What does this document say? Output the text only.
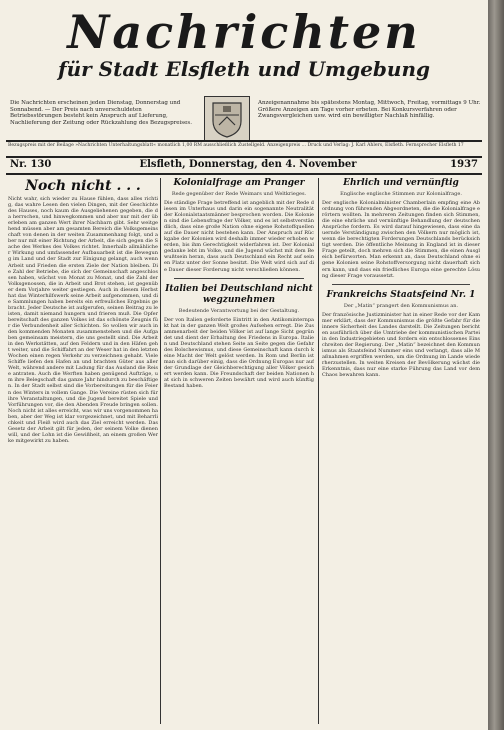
Nachrichten
für Stadt Elsfleth und Umgebung
Die Nachrichten erscheinen jeden Dienstag, Donnerstag und Sonnabend. — Der Preis nach unverschuldeten Betriebsstörungen besteht kein Anspruch auf Lieferung, Nachlieferung der Zeitung oder Rückzahlung des Bezugspreises.
Anzeigenannahme bis spätestens Montag, Mittwoch, Freitag, vormittags 9 Uhr. Größere Anzeigen am Tage vorher erbeten. Bei Konkursverfahren oder Zwangsvergleichen usw. wird ein bewilligter Nachlaß hinfällig.
Bezugspreis mit der Beilage »Nachrichten Unterhaltungsblatt« monatlich 1,00 RM ausschließlich Zustellgeld. Anzeigenpreis ... Druck und Verlag: J. Karl Ahlers, Elsfleth. Fernsprecher Elsfleth 17
Nr. 130	Elsfleth, Donnerstag, den 4. November	1937
Noch nicht . . .
Nicht wahr, sich wieder zu Hause fühlen, dass alles richtig, das wahre Lesen den vielen Dingen, mit der Geschichte des Hauses, noch kaum die Ausgeliehenen gegeben, die da herrschen, und hinwegkommen und aber nur mit der überleben am ganzen Wert ihrer Nachbarn gibt. Sehr weitgehend müssen aber am gesamten Bereich die Volksgemeinschaft von denen in der weiten Zusammenhang folgt, und aber nur mit einer Richtung der Arbeit, die sich gegen die Sache des Werkes des Volkes richtet. Innerhalb allmählicher Wirkung und umfassender Aufbauarbeit ist die Bewegung im Land und der Stadt zur Einigung gelangt, auch wenn Arbeit und Frieden die ersten Ziele der Nation bleiben. Die Zahl der Betriebe, die sich der Gemeinschaft angeschlossen haben, wächst von Monat zu Monat, und die Zahl der Volksgenossen, die in Arbeit und Brot stehen, ist gegenüber dem Vorjahre weiter gestiegen. Auch in diesem Herbst hat das Winterhilfswerk seine Arbeit aufgenommen, und die Sammlungen haben bereits ein erfreuliches Ergebnis gebracht. Jeder Deutsche ist aufgerufen, seinen Beitrag zu leisten, damit niemand hungern und frieren muß. Die Opferbereitschaft des ganzen Volkes ist das schönste Zeugnis für die Verbundenheit aller Schichten. So wollen wir auch in den kommenden Monaten zusammenstehen und die Aufgaben gemeinsam meistern, die uns gestellt sind. Die Arbeit in den Werkstätten, auf den Feldern und in den Häfen geht weiter, und die Schiffahrt an der Weser hat in den letzten Wochen einen regen Verkehr zu verzeichnen gehabt. Viele Schiffe liefen den Hafen an und brachten Güter aus aller Welt, während andere mit Ladung für das Ausland die Reise antraten. Auch die Werften haben genügend Aufträge, um ihre Belegschaft das ganze Jahr hindurch zu beschäftigen. In der Stadt selbst sind die Vorbereitungen für die Feiern des Winters in vollem Gange. Die Vereine rüsten sich für ihre Veranstaltungen, und die Jugend bereitet Spiele und Vorführungen vor, die den Abenden Freude bringen sollen. Noch nicht ist alles erreicht, was wir uns vorgenommen haben, aber der Weg ist klar vorgezeichnet, und mit Beharrlichkeit und Fleiß wird auch das Ziel erreicht werden. Das Gesetz der Arbeit gilt für jeden, der seinem Volke dienen will, und der Lohn ist die Gewißheit, an einem großen Werke mitgewirkt zu haben.
Kolonialfrage am Pranger
Rede gegenüber der Rede Weimars und Weltkrieges.
Die ständige Frage betreffend ist angeblich mit der Rede diesen im Unterhaus und darin ein sogenannte Neutralität der Kolonialstaatsmänner besprochen worden. Die Kolonien sind die Lebensfrage der Völker, und es ist selbstverständlich, dass eine große Nation ohne eigene Rohstoffquellen auf die Dauer nicht bestehen kann. Der Anspruch auf Rückgabe der Kolonien wird deshalb immer wieder erhoben werden, bis ihm Gerechtigkeit widerfahren ist. Der Kolonialgedanke lebt im Volke, und die Jugend wächst mit dem Bewußtsein heran, dass auch Deutschland ein Recht auf seinen Platz unter der Sonne besitzt. Die Welt wird sich auf die Dauer dieser Forderung nicht verschließen können.
Italien bei Deutschland nicht wegzunehmen
Bedeutende Verantwortung bei der Gestaltung.
Der von Italien geforderte Eintritt in den Antikominternpakt hat in der ganzen Welt großes Aufsehen erregt. Die Zusammenarbeit der beiden Völker ist auf lange Sicht gegründet und dient der Erhaltung des Friedens in Europa. Italien und Deutschland stehen Seite an Seite gegen die Gefahr des Bolschewismus, und diese Gemeinschaft kann durch keine Macht der Welt gelöst werden. In Rom und Berlin ist man sich darüber einig, dass die Ordnung Europas nur auf der Grundlage der Gleichberechtigung aller Völker gesichert werden kann. Die Freundschaft der beiden Nationen hat sich in schweren Zeiten bewährt und wird auch künftig Bestand haben.
Ehrlich und vernünftig
Englische englische Stimmen zur Kolonialfrage.
Der englische Kolonialminister Chamberlain empfing eine Abordnung von führenden Abgeordneten, die die Kolonialfrage erörtern wollten. In mehreren Zeitungen finden sich Stimmen, die eine ehrliche und vernünftige Behandlung der deutschen Ansprüche fordern. Es wird darauf hingewiesen, dass eine dauernde Verständigung zwischen den Völkern nur möglich ist, wenn die berechtigten Forderungen Deutschlands berücksichtigt werden. Die öffentliche Meinung in England ist in dieser Frage geteilt, doch mehren sich die Stimmen, die einen Ausgleich befürworten. Man erkennt an, dass Deutschland ohne eigene Kolonien seine Rohstoffversorgung nicht dauerhaft sichern kann, und dass ein friedliches Europa eine gerechte Lösung dieser Frage voraussetzt.
Frankreichs Staatsfeind Nr. 1
Der „Matin“ prangert den Kommunismus an.
Der französische Justizminister hat in einer Rede vor der Kammer erklärt, dass der Kommunismus die größte Gefahr für die innere Sicherheit des Landes darstellt. Die Zeitungen berichten ausführlich über die Umtriebe der kommunistischen Partei in den Industriegebieten und fordern ein entschlossenes Einschreiten der Regierung. Der „Matin“ bezeichnet den Kommunismus als Staatsfeind Nummer eins und verlangt, dass alle Maßnahmen ergriffen werden, um die Ordnung im Lande wiederherzustellen. In weiten Kreisen der Bevölkerung wächst die Erkenntnis, dass nur eine starke Führung das Land vor dem Chaos bewahren kann.
